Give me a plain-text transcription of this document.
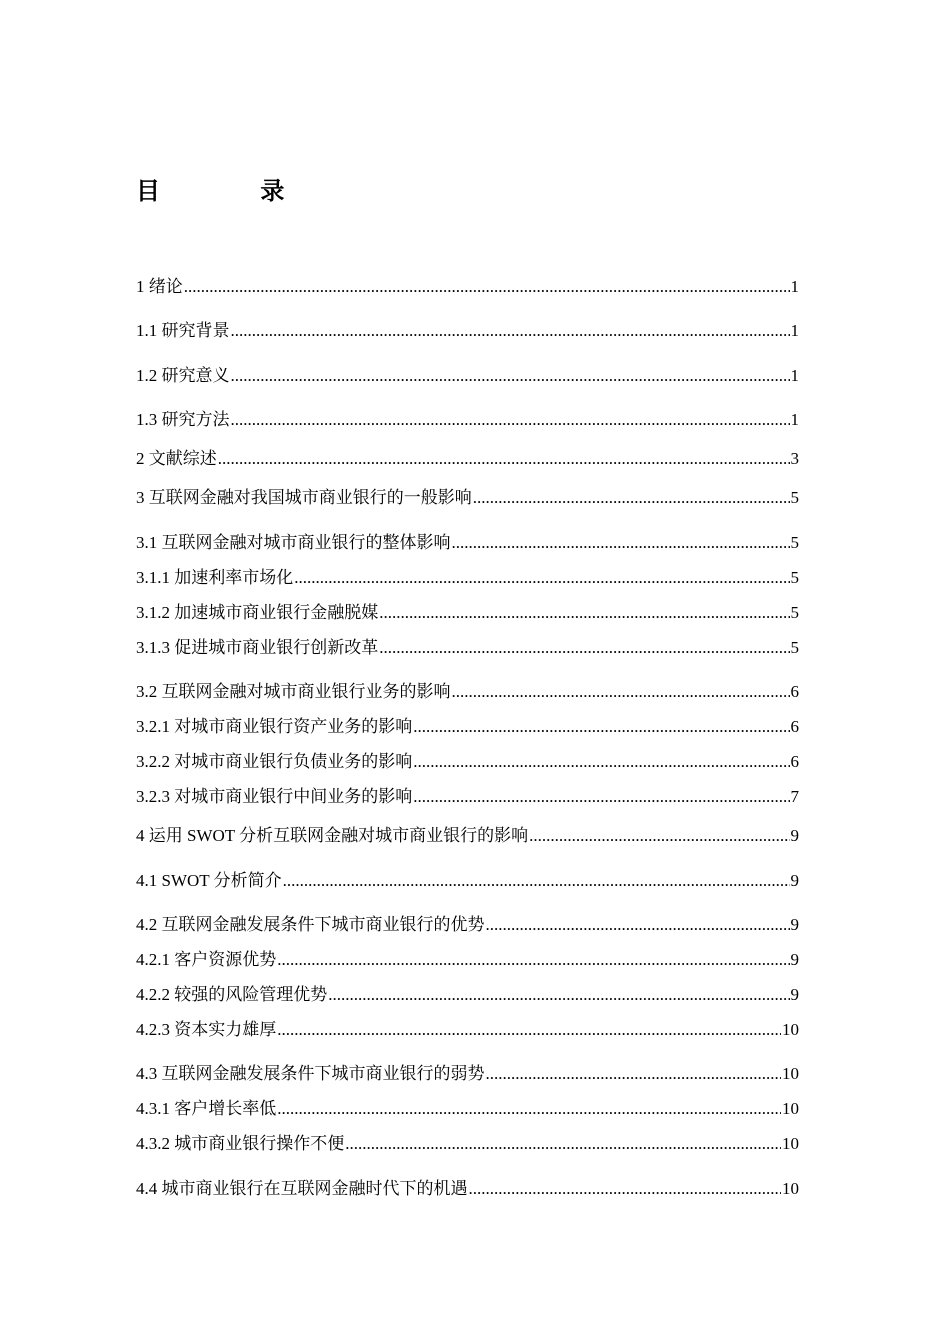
目 录
1 绪论 .....	1
1.1 研究背景 .....	1
1.2 研究意义 .....	1
1.3 研究方法 .....	1
2 文献综述 .....	3
3 互联网金融对我国城市商业银行的一般影响 .....	5
3.1 互联网金融对城市商业银行的整体影响 .....	5
3.1.1 加速利率市场化 .....	5
3.1.2 加速城市商业银行金融脱媒 .....	5
3.1.3 促进城市商业银行创新改革 .....	5
3.2 互联网金融对城市商业银行业务的影响 .....	6
3.2.1 对城市商业银行资产业务的影响 .....	6
3.2.2 对城市商业银行负债业务的影响 .....	6
3.2.3 对城市商业银行中间业务的影响 .....	7
4 运用 SWOT 分析互联网金融对城市商业银行的影响 .....	9
4.1 SWOT 分析简介 .....	9
4.2 互联网金融发展条件下城市商业银行的优势 .....	9
4.2.1 客户资源优势 .....	9
4.2.2 较强的风险管理优势 .....	9
4.2.3 资本实力雄厚 .....	10
4.3 互联网金融发展条件下城市商业银行的弱势 .....	10
4.3.1 客户增长率低 .....	10
4.3.2 城市商业银行操作不便 .....	10
4.4 城市商业银行在互联网金融时代下的机遇 .....	10
